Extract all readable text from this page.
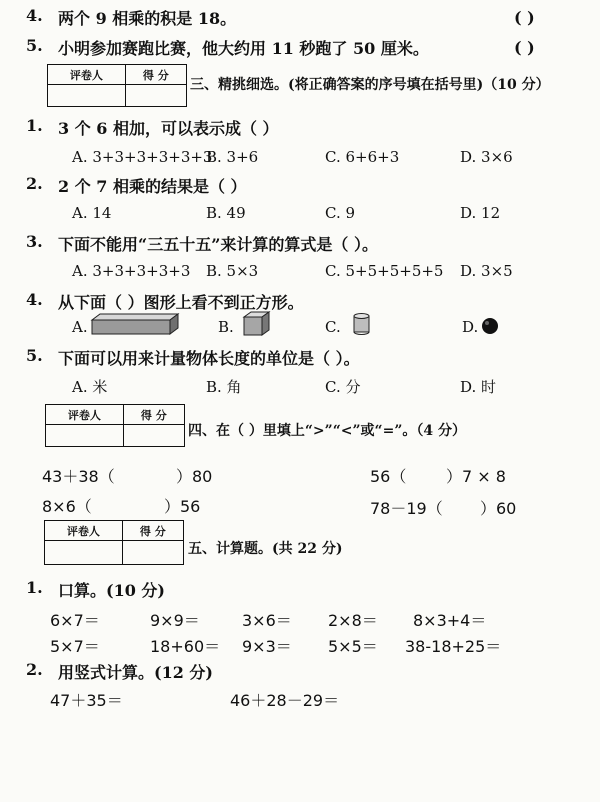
4. 两个 9 相乘的积是 18。	( )
5. 小明参加赛跑比赛，他大约用 11 秒跑了 50 厘米。	( )
评卷人	得 分

三、精挑细选。(将正确答案的序号填在括号里)（10 分）
1. 3 个 6 相加，可以表示成（ ）
A. 3+3+3+3+3+3
B. 3+6	C. 6+6+3	D. 3×6
2. 2 个 7 相乘的结果是（ ）
A. 14	B. 49	C. 9	D. 12
3. 下面不能用“三五十五”来计算的算式是（ ）。
A. 3+3+3+3+3 B. 5×3	C. 5+5+5+5+5 D. 3×5
4. 从下面（ ）图形上看不到正方形。
A.	B.	C.	D.
5. 下面可以用来计量物体长度的单位是（ ）。
A. 米	B. 角	C. 分	D. 时
评卷人	得 分

四、在（ ）里填上“>”“<”或“=”。（4 分）
43＋38（	）80	56（ ）7 × 8
8×6（	）56	78－19（ ）60
评卷人	得 分

五、计算题。(共 22 分)
1. 口算。(10 分)
6×7＝	9×9＝	3×6＝ 2×8＝ 8×3+4＝
5×7＝	18+60＝ 9×3＝ 5×5＝ 38-18+25＝
2. 用竖式计算。(12 分)
47＋35＝	46＋28－29＝
